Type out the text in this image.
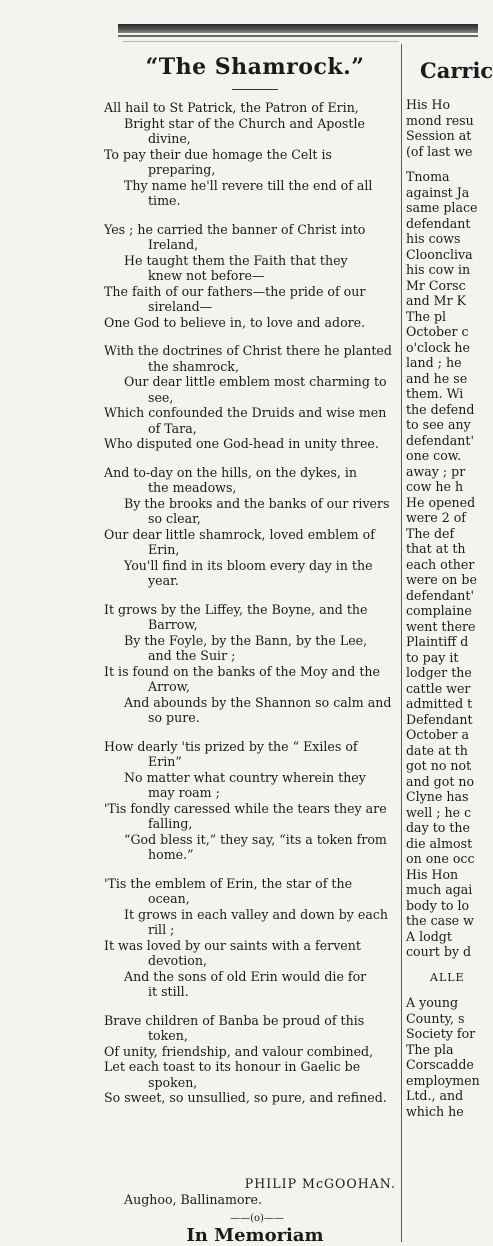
“The Shamrock.”
All hail to St Patrick, the Patron of Erin,
Bright star of the Church and Apostle
divine,
To pay their due homage the Celt is
preparing,
Thy name he'll revere till the end of all
time.
Yes ; he carried the banner of Christ into
Ireland,
He taught them the Faith that they
knew not before—
The faith of our fathers—the pride of our
sireland—
One God to believe in, to love and adore.
With the doctrines of Christ there he planted
the shamrock,
Our dear little emblem most charming to
see,
Which confounded the Druids and wise men
of Tara,
Who disputed one God-head in unity three.
And to-day on the hills, on the dykes, in
the meadows,
By the brooks and the banks of our rivers
so clear,
Our dear little shamrock, loved emblem of
Erin,
You'll find in its bloom every day in the
year.
It grows by the Liffey, the Boyne, and the
Barrow,
By the Foyle, by the Bann, by the Lee,
and the Suir ;
It is found on the banks of the Moy and the
Arrow,
And abounds by the Shannon so calm and
so pure.
How dearly 'tis prized by the “ Exiles of
Erin”
No matter what country wherein they
may roam ;
'Tis fondly caressed while the tears they are
falling,
“God bless it,” they say, “its a token from
home.”
'Tis the emblem of Erin, the star of the
ocean,
It grows in each valley and down by each
rill ;
It was loved by our saints with a fervent
devotion,
And the sons of old Erin would die for
it still.
Brave children of Banba be proud of this
token,
Of unity, friendship, and valour combined,
Let each toast to its honour in Gaelic be
spoken,
So sweet, so unsullied, so pure, and refined.
PHILIP McGOOHAN.
Aughoo, Ballinamore.
——(o)——
In Memoriam
Carric
His Ho
mond resu
Session at
(of last we
Tnoma
against Ja
same place
defendant
his cows
Clooncliva
his cow in
Mr Corsc
and Mr K
The pl
October c
o'clock he
land ; he
and he se
them. Wi
the defend
to see any
defendant'
one cow.
away ; pr
cow he h
He opened
were 2 of
The def
that at th
each other
were on be
defendant'
complaine
went there
Plaintiff d
to pay it
lodger the
cattle wer
admitted t
Defendant
October a
date at th
got no not
and got no
Clyne has
well ; he c
day to the
die almost
on one occ
His Hon
much agai
body to lo
the case w
A lodgt
court by d
ALLE
A young
County, s
Society for
The pla
Corscadde
employmen
Ltd., and
which he
